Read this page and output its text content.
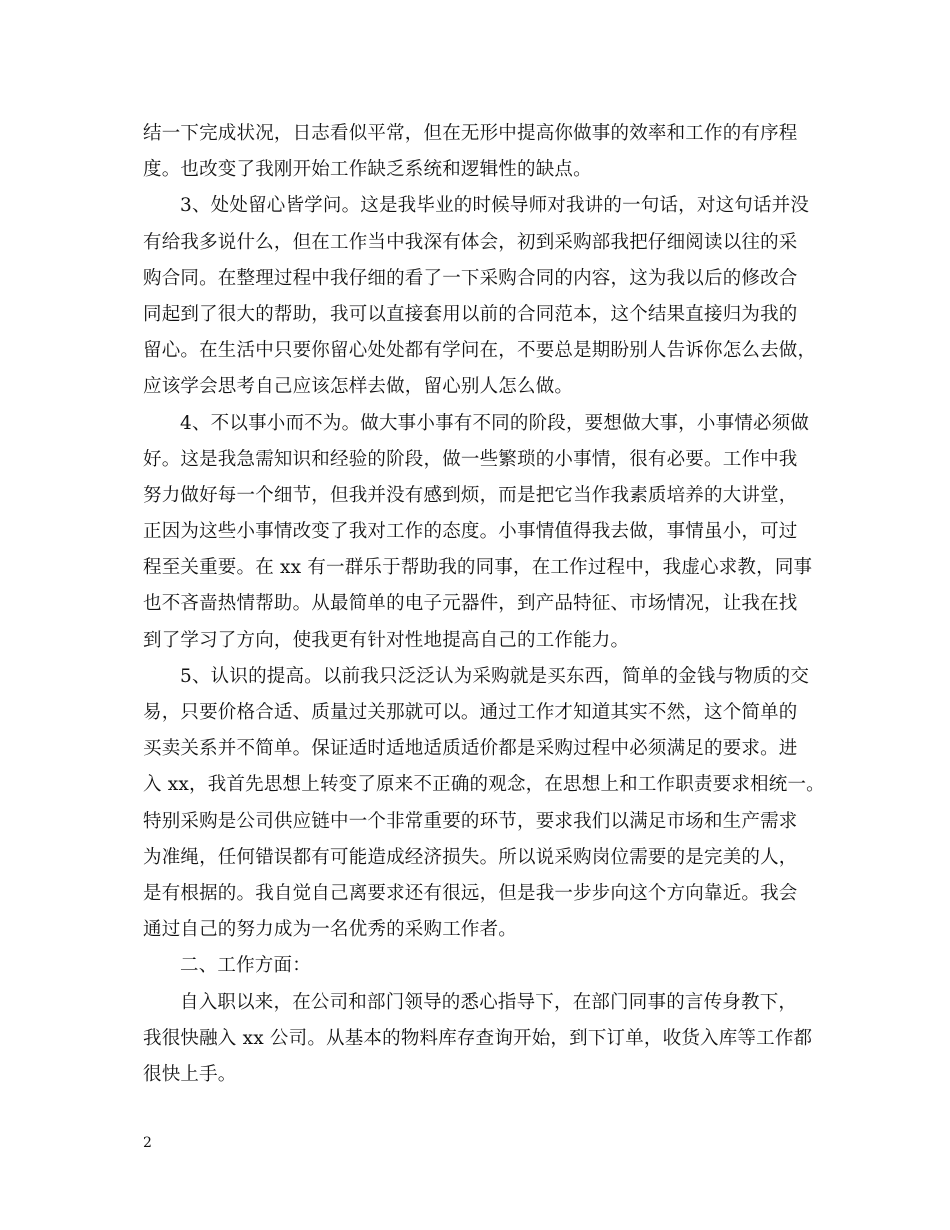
结一下完成状况，日志看似平常，但在无形中提高你做事的效率和工作的有序程
度。也改变了我刚开始工作缺乏系统和逻辑性的缺点。
3、处处留心皆学问。这是我毕业的时候导师对我讲的一句话，对这句话并没
有给我多说什么，但在工作当中我深有体会，初到采购部我把仔细阅读以往的采
购合同。在整理过程中我仔细的看了一下采购合同的内容，这为我以后的修改合
同起到了很大的帮助，我可以直接套用以前的合同范本，这个结果直接归为我的
留心。在生活中只要你留心处处都有学问在，不要总是期盼别人告诉你怎么去做，
应该学会思考自己应该怎样去做，留心别人怎么做。
4、不以事小而不为。做大事小事有不同的阶段，要想做大事，小事情必须做
好。这是我急需知识和经验的阶段，做一些繁琐的小事情，很有必要。工作中我
努力做好每一个细节，但我并没有感到烦，而是把它当作我素质培养的大讲堂，
正因为这些小事情改变了我对工作的态度。小事情值得我去做，事情虽小，可过
程至关重要。在 xx 有一群乐于帮助我的同事，在工作过程中，我虚心求教，同事
也不吝啬热情帮助。从最简单的电子元器件，到产品特征、市场情况，让我在找
到了学习了方向，使我更有针对性地提高自己的工作能力。
5、认识的提高。以前我只泛泛认为采购就是买东西，简单的金钱与物质的交
易，只要价格合适、质量过关那就可以。通过工作才知道其实不然，这个简单的
买卖关系并不简单。保证适时适地适质适价都是采购过程中必须满足的要求。进
入 xx，我首先思想上转变了原来不正确的观念，在思想上和工作职责要求相统一。
特别采购是公司供应链中一个非常重要的环节，要求我们以满足市场和生产需求
为准绳，任何错误都有可能造成经济损失。所以说采购岗位需要的是完美的人，
是有根据的。我自觉自己离要求还有很远，但是我一步步向这个方向靠近。我会
通过自己的努力成为一名优秀的采购工作者。
二、工作方面：
自入职以来，在公司和部门领导的悉心指导下，在部门同事的言传身教下，
我很快融入 xx 公司。从基本的物料库存查询开始，到下订单，收货入库等工作都
很快上手。
2
